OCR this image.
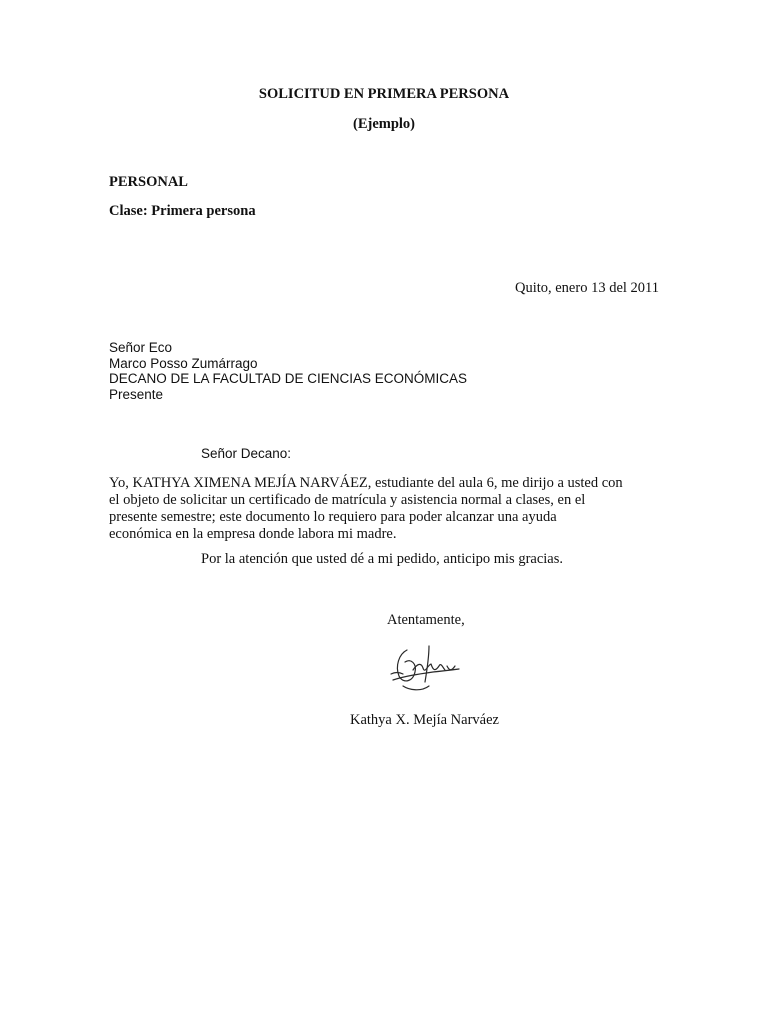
SOLICITUD EN PRIMERA PERSONA
(Ejemplo)
PERSONAL
Clase: Primera persona
Quito, enero 13 del 2011
Señor Eco
Marco Posso Zumárrago
DECANO DE LA FACULTAD DE CIENCIAS ECONÓMICAS
Presente
Señor Decano:
Yo, KATHYA XIMENA MEJÍA NARVÁEZ, estudiante del aula 6, me dirijo a usted con
el objeto de solicitar un certificado de matrícula y asistencia normal a clases, en el
presente semestre; este documento lo requiero para poder alcanzar una ayuda
económica en la empresa donde labora mi madre.
Por la atención que usted dé a mi pedido, anticipo mis gracias.
Atentamente,
Kathya X. Mejía Narváez
